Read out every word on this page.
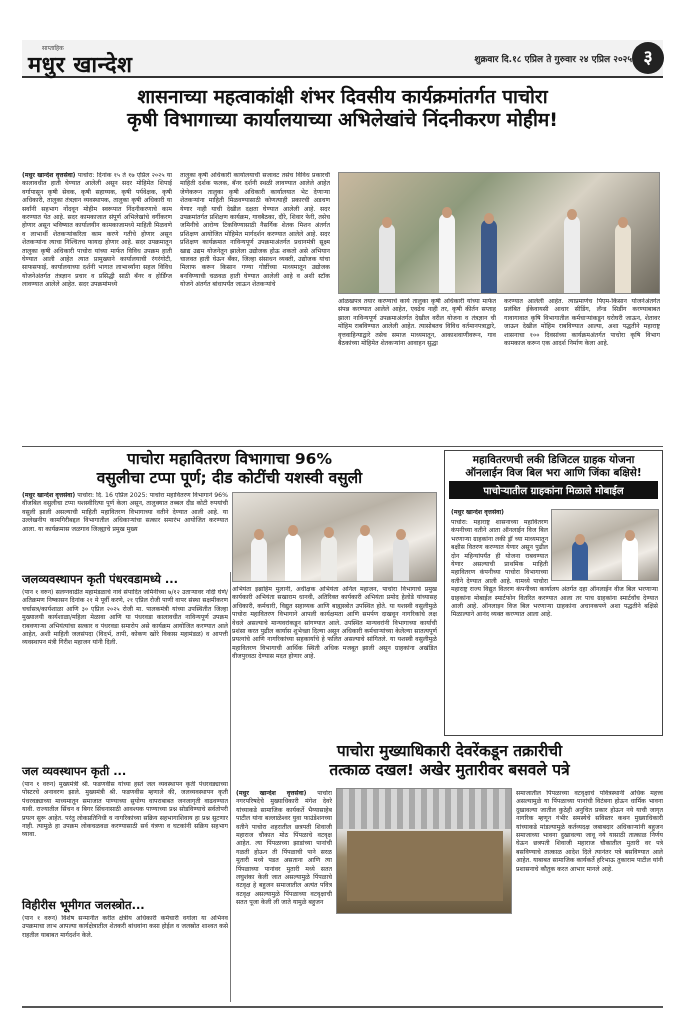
साप्ताहिक
मधुर खान्देश	शुक्रवार दि.१८ एप्रिल ते गुरुवार २४ एप्रिल २०२५ ३
शासनाच्या महत्वाकांक्षी शंभर दिवसीय कार्यक्रमांतर्गत पाचोरा
कृषी विभागाच्या कार्यालयाच्या अभिलेखांचे निंदनीकरण मोहीम!
(मधुर खान्देश वृत्तसेवा) पाचोरा: दिनांक १५ ते १७ एप्रिल २०२५ या कालावधीत हाती घेण्यात आलेली असून सदर मोहिमेत शिपाई वर्गापासून कृषी सेवक, कृषी सहाय्यक, कृषी पर्यवेक्षक, कृषी अधिकारी, तालुका तंत्रज्ञान व्यवस्थापक, तालुका कृषी अधिकारी या सर्वांनी सहभाग नोंदवून मोहीम स्वरूपात निंदनीकरणाचे काम करण्यात येत आहे. सदर कामकाजात संपूर्ण अभिलेखांचे वर्गीकरण होणार असून भविष्यात कार्यालयीन कामकाजामध्ये माहिती मिळवणे व लाभार्थी शेतकऱ्यांकरिता काम करणे गतीचे होणार असून शेतकऱ्यांना त्याचा निश्चितच फायदा होणार आहे. सदर उपक्रमातून तालुका कृषी अधिकारी पाचोरा यांच्या मार्फत विविध उपक्रम हाती घेण्यात आली आहेत त्यात प्रामुख्याने कार्यालयाची रंगरंगोटी, साफसफाई, कार्यालयाच्या दर्शनी भागात लाभार्थ्यांना सहज विविध योजनेअंतर्गत तंत्रज्ञान प्रचार व प्रसिद्धी साठी बॅनर व होर्डिंग्ज लावण्यात आलेले आहेत. सदर उपक्रमांमध्ये
तालुका कृषी अधिकारी कार्यालयाची सजावट तसेच विविध प्रकारची माहिती दर्शक फलक, बॅनर दर्शनी स्थळी लावण्यात आलेले आहेत जेणेकरून तालुका कृषी अधिकारी कार्यालयात भेट देणाऱ्या शेतकऱ्यांना माहिती मिळवण्यासाठी कोणत्याही प्रकारची अडचण येणार नाही याची देखील दक्षता घेण्यात आलेली आहे. सदर उपक्रमांतर्गत प्रशिक्षण कार्यक्रम, गावबैठका, दौरे, शिवार फेरी, तसेच जमिनीचे आरोग्य टिकविण्यासाठी नैसर्गिक शेतक मिशन अंतर्गत प्रशिक्षण आयोजित मोहिमेत मार्गदर्शन करण्यात आलेले आहे. सदर प्रशिक्षण कार्यक्रमात नाविन्यपूर्ण उपक्रमाअंतर्गत प्रधानमंत्री सूक्ष्म खाद्य उद्यम योजनेतून झालेला उद्योजक होऊ शकतो असे अभियान चालवत हाती घेऊन बँका, जिल्हा संसाधन व्यक्ती, उद्योजक यांचा मिलाफ करून किसान गण्या गोष्टींच्या माध्यमातून उद्योजक बनविण्याची चळवळ हाती घेण्यात आलेली आहे व अशी स्टॉक योजने अंतर्गत बांधापर्यंत जाऊन शेतकऱ्यांचे
ओळखपत्र तयार करण्याचे कार्य तालुका कृषी अधिकारी यांच्या मार्फत संपन्न करण्यात आलेले आहेत, एवढेच नाही तर, कृषी कीर्तन सप्ताह झाला नाविन्यपूर्ण उपक्रमाअंतर्गत देखील वरील योजना व तंत्रज्ञान ची मोहिम राबविण्यात आलेली आहेत. त्यासोबतच विविध वर्तमानपत्राद्वारे, वृत्तवाहिन्याद्वारे तसेच समाज माध्यमातून, आकाशवाणीवरून, गाव बैठकांच्या मोहिमेत शेतकऱ्यांना आवाहन सुद्धा
करण्यात आलेली आहेत. त्याप्रमाणेच पिएम-किसान योजनेअंतर्गत प्रलंबित ईकेवायसी आधार सीडिंग, लॅन्ड सिडींग करण्याबाबत गावागावात कृषि विभागातील कर्मचाऱ्यांकडून घरोघरी जाऊन, शेतावर जाऊन देखील मोहिम राबविण्यात आल्या, अशा पद्धतीने महाराष्ट्र शासनाचा १०० दिवसांच्या कार्यक्रमअंतर्गत पाचोरा कृषि विभाग कामकाज करून एक आदर्श निर्माण केला आहे.
पाचोरा महावितरण विभागाचा 96%
वसुलीचा टप्पा पूर्ण; दीड कोटींची यशस्वी वसुली
(मधुर खान्देश वृत्तसेवा) पाचोरा: दि. 16 एप्रिल 2025: पाचोरा महावितरण विभागाने 96% वीजबिल वसुलीचा टप्पा यशस्वीरित्या पूर्ण केला असून, तालुक्यात तब्बल दीड कोटी रुपयांची वसुली झाली असल्याची माहिती महावितरण विभागाच्या वतीने देण्यात आली आहे. या उल्लेखनीय कामगिरीबद्दल विभागातील अधिकाऱ्यांचा सत्कार समारंभ आयोजित करण्यात आला. या कार्यक्रमास जळगाव जिल्ह्याचे प्रमुख मुख्य
अभियंता इब्राहिम मुलानी, अधीक्षक अभियंता अनिल महाजन, पाचोरा विभागाचे प्रमुख कार्यकारी अभियंता सखाराम धानवी, अतिरिक्त कार्यकारी अभियंता प्रमोद हेलोडे यांच्यासह अधिकारी, कर्मचारी, विद्युत सहाय्यक आणि बाह्यस्त्रोत उपस्थित होते. या यशस्वी वसुलीमुळे पाचोरा महावितरण विभागाने आपली कार्यक्षमता आणि समर्पण दाखवून नागरिकांचे लक्ष वेधले असल्याचे मान्यवरांकडून सांगण्यात आले. उपस्थित मान्यवरांनी विभागाच्या कार्याची प्रशंसा करत पुढील कार्यास शुभेच्छा दिल्या असून अधिकारी कर्मचाऱ्यांच्या केलेल्या सातत्यपूर्ण प्रयत्नांचे आणि नागरिकांच्या सहकार्याचे हे फलित असल्याचे सांगितले. या यशस्वी वसुलीमुळे महावितरण विभागाची आर्थिक स्थिती अधिक मजबूत झाली असून ग्राहकांना अखंडित वीजपुरवठा देण्यास मदत होणार आहे.
जलव्यवस्थापन कृती पंधरवडामध्ये ...
(पान १ वरुन) सलग्नवाढीत महामंडळाचे नावे संपादित जमिनींच्या ७/१२ उताऱ्यावर नोंदी घेणे/अतिक्रमण निष्कासन दिनांक २१ मे पूर्वी करणे, २१ एप्रिल रोजी पाणी वापर संस्था सक्षमीकरण चर्चासत्र/कार्यशाळा आणि ३० एप्रिल २०२५ रोजी मा. पालकमंत्री यांच्या उपस्थितीत जिल्हा मुख्यालयी कार्यशाळा/महिला मेळावा आणि या पंधरवडा कालावधीत नाविन्यपूर्ण उपक्रम राबवणाऱ्या अभियंत्यांचा सत्कार व पंधरवडा समारोप असे कार्यक्रम आयोजित करण्यात आले आहेत, अशी माहिती जलसंपदा (विदर्भ, तापी, कोकण खोरे विकास महामंडळ) व आपत्ती व्यवस्थापन मंत्री गिरीश महाजन यांनी दिली.
जल व्यवस्थापन कृती ...
(पान १ वरुन) मुख्यमंत्री श्री. फडणवीस यांच्या हस्ते जल व्यवस्थापन कृती पंधरवड्याच्या पोस्टरचे अनावरण झाले. मुख्यमंत्री श्री. फडणवीस म्हणाले की, जलव्यवस्थापन कृती पंधरवड्याच्या माध्यमातून समाजात पाण्याच्या सुयोग्य वापराबाबत जनजागृती वाढवण्यात यावी. राज्यातील सिंचन व बिगर सिंचनासाठी आवश्यक पाण्याच्या प्रश्न सोडविण्याचे सर्वतोपरी प्रयत्न सुरू आहेत. परंतु लोकप्रतिनिधी व नागरिकांच्या सक्रिय सहभागाशिवाय हा प्रश्न सुटणार नाही. त्यामुळे हा उपक्रम लोकचळवळ करण्यासाठी सर्व यंत्रणा व घटकांनी सक्रिय सहभाग घ्यावा.
विहीरीस भूमीगत जलस्त्रोत...
(पान १ वरुन) विशेष सन्मानीत करीत क्षेत्रीय अधिकारी कर्मचारी वर्गाला या अभिनव उपक्रमाचा लाभ आपल्या कार्यक्षेत्रातील शेतकरी बांधवांना कसा होईल व जलस्रोत शाश्वत कसे राहतील याबाबत मार्गदर्शन केले.
महावितरणची लकी डिजिटल ग्राहक योजना
ऑनलाईन विज बिल भरा आणि जिंका बक्षिसे!
पाचोऱ्यातील ग्राहकांना मिळाले मोबाईल
(मधुर खान्देश वृत्तसेवा)
पाचोरा: महाराष्ट्र शासनाच्या महावितरण कंपनीच्या वतीने आता ऑनलाईन विज बिल भरणाऱ्या ग्राहकांना लकी ड्रॉ च्या माध्यमातून बक्षीस वितरण करण्यात येणार असून पुढील दोन महिन्यांपर्यंत ही योजना राबवण्यात येणार असल्याची प्राथमिक माहिती महावितरण कंपनीच्या पाचोरा विभागाच्या वतीने देण्यात आली आहे. यामध्ये पाचोरा महाराष्ट्र राज्य विद्युत वितरण कंपनीच्या कार्यालय अंतर्गत दहा ऑनलाईन वीज बिल भरणाऱ्या ग्राहकांना मोबाईल स्मार्टफोन वितरित करण्यात आला तर पाच ग्राहकांना स्मार्टवॉच देण्यात आली आहे. ऑनलाइन विज बिल भरणाऱ्या ग्राहकांना अचानकपणे अशा पद्धतीने बक्षिसे मिळाल्याने आनंद व्यक्त करण्यात आला आहे.
पाचोरा मुख्याधिकारी देवरेंकडून तक्रारीची
तत्काळ दखल! अखेर मुतारीवर बसवले पत्रे
(मधुर खान्देश वृत्तसेवा) पाचोरा नगरपरिषदेचे मुख्याधिकारी मंगेश देवरे यांच्याकडे सामाजिक कार्यकर्ते भैय्यासाहेब पाटील यांना बल्लाळेश्वर युवा फाउंडेशनच्या वतीने पाचोरा शहरातील छत्रपती शिवाजी महाराज चौकात मोठ पिंपळाचे वटवृक्ष आहेत. त्या पिंपळाच्या झाडांच्या पानांची गळती होऊन ती पिंपळाची पाने सरळ मुतारी मध्ये पडत असताना आणि त्या पिंपळाच्या पानांवर मुतारी मध्ये सतत लघुशंका केली जात असल्यामुळे पिंपळाचे वटवृक्ष हे बहुजन समाजातील अत्यंत पवित्र वटवृक्ष असल्यामुळे पिंपळाच्या वटवृक्षाची सतत पूजा केली ली जाते यामुळे बहुजन
समाजातील पिंपळाच्या वटवृक्षाचे पवित्रस्थानी अधिक महत्त्व असल्यामुळे या पिंपळाच्या पानांची विटंबना होऊन धार्मिक भावना दुखावल्या जातील कुठेही अनुचित प्रकार होऊन नये याची जागृत नागरिक म्हणून गंभीर समस्येचे सविस्तर कथन मुख्याधिकारी यांच्याकडे मांडल्यामुळे कर्तव्यदक्ष जबाबदार अधिकाऱ्यांनी बहुजन समाजाच्या भावना दुखावल्या जावू नये यासाठी तात्काळ निर्णय घेऊन छत्रपती शिवाजी महाराज चौकातील मुतारी वर पत्रे बसविण्याचे तात्काळ आदेश दिले त्यानंतर पत्रे बसविण्यात आले आहेत. याबाबत सामाजिक कार्यकर्ते हरिभाऊ तुकाराम पाटील यांनी प्रशासनाचे कौतुक करत आभार मानले आहे.
